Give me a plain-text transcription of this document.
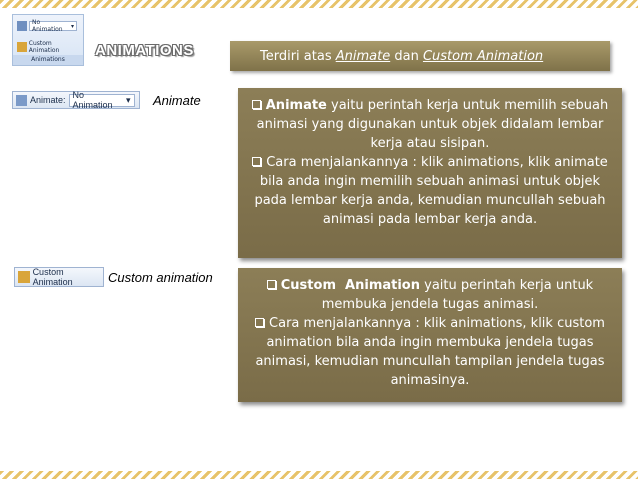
No Animation	▾
Custom Animation
Animations
ANIMATIONS	Terdiri atas Animate dan Custom Animation
Animate: No Animation
▾ Animate
Custom Animation	Custom animation

Animate yaitu perintah kerja untuk memilih sebuah animasi yang digunakan untuk objek didalam lembar kerja atau sisipan.

Cara menjalankannya : klik animations, klik animate bila anda ingin memilih sebuah animasi untuk objek pada lembar kerja anda, kemudian muncullah sebuah animasi pada lembar kerja anda.

Custom  Animation yaitu perintah kerja untuk membuka jendela tugas animasi.

Cara menjalankannya : klik animations, klik custom animation bila anda ingin membuka jendela tugas animasi, kemudian muncullah tampilan jendela tugas animasinya.
